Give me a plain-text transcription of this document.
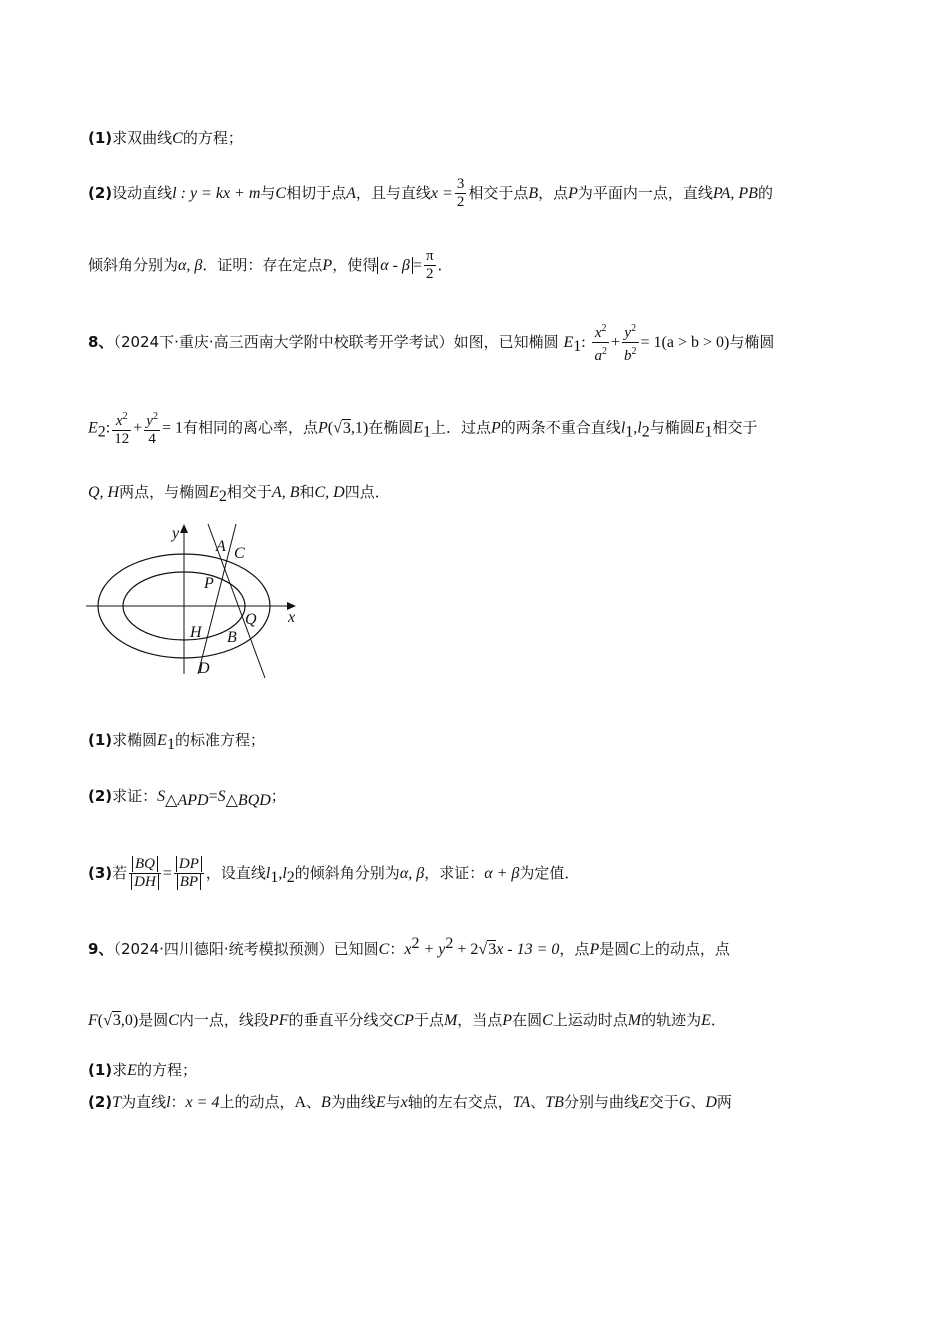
(1)求双曲线C的方程；
(2)设动直线l : y = kx + m与C相切于点A，且与直线$x = \frac{3}{2}$ 相交于点B，点P为平面内一点，直线PA, PB的
倾斜角分别为α, β．证明：存在定点P，使得 $\alpha - \beta = \frac{\pi}{2}$ ．
8、（2024下·重庆·高三西南大学附中校联考开学考试）如图，已知椭圆 $E_1$: $\frac{x^2}{a^2} + \frac{y^2}{b^2} = 1(a > b > 0)$与椭圆
$E_2$: $\frac{x^2}{12} + \frac{y^2}{4} = 1$有相同的离心率，点P(√3,1)在椭圆$E_1$上．过点P的两条不重合直线$l_1,l_2$与椭圆$E_1$相交于
Q, H两点，与椭圆$E_2$相交于A, B和C, D四点．
y
x
A C
P
Q
H B
D
(1)求椭圆$E_1$的标准方程；
(2)求证：$S_{\triangle APD}=S_{\triangle BQD}$；
(3)若 $\frac{BQ}{DH} = \frac{DP}{BP}$ ，设直线$l_1,l_2$的倾斜角分别为α, β，求证：α + β为定值．
9、（2024·四川德阳·统考模拟预测）已知圆C：$x^2 + y^2 + 2√3x - 13 = 0$，点P是圆C上的动点，点
F(√3,0)是圆C内一点，线段PF的垂直平分线交CP于点M，当点P在圆C上运动时点M的轨迹为E．
(1)求E的方程；
(2)T为直线l：x = 4上的动点，A、B为曲线E与x轴的左右交点，TA、TB分别与曲线E交于G、D两
